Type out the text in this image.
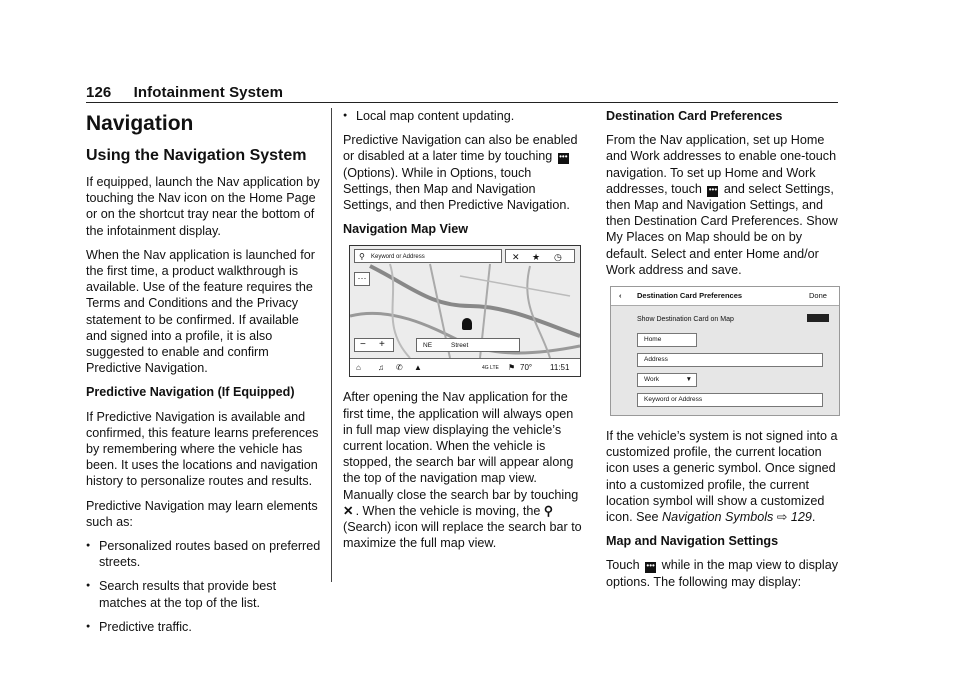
126 Infotainment System
Navigation
Using the Navigation System

If equipped, launch the Nav application by touching the Nav icon on the Home Page or on the shortcut tray near the bottom of the infotainment display.

When the Nav application is launched for the first time, a product walkthrough is available. Use of the feature requires the Terms and Conditions and the Privacy statement to be confirmed. If available and signed into a profile, it is also suggested to enable and confirm Predictive Navigation.

Predictive Navigation (If Equipped)

If Predictive Navigation is available and confirmed, this feature learns preferences by remembering where the vehicle has been. It uses the locations and navigation history to personalize routes and results.

Predictive Navigation may learn elements such as:

● Personalized routes based on preferred streets.

● Search results that provide best matches at the top of the list.

● Predictive traffic.

● Local map content updating.

Predictive Navigation can also be enabled or disabled at a later time by touching ••• (Options). While in Options, touch Settings, then Map and Navigation Settings, and then Predictive Navigation.

Navigation Map View

⚲ Keyword or Address	✕ ★ ◷
···
− +	NE	Street
⌂ ♫ ✆ ▲	4G LTE ⚑ 70° 11:51

After opening the Nav application for the first time, the application will always open in full map view displaying the vehicle’s current location. When the vehicle is stopped, the search bar will appear along the top of the navigation map view. Manually close the search bar by touching ✕ . When the vehicle is moving, the ⚲ (Search) icon will replace the search bar to maximize the full map view.

Destination Card Preferences

From the Nav application, set up Home and Work addresses to enable one-touch navigation. To set up Home and Work addresses, touch ••• and select Settings, then Map and Navigation Settings, and then Destination Card Preferences. Show My Places on Map should be on by default. Select and enter Home and/or Work address and save.

‹ Destination Card Preferences	Done
Show Destination Card on Map
Home
Address
Work	▼
Keyword or Address

If the vehicle’s system is not signed into a customized profile, the current location icon uses a generic symbol. Once signed into a customized profile, the current location symbol will show a customized icon. See Navigation Symbols ⇨ 129.

Map and Navigation Settings

Touch ••• while in the map view to display options. The following may display:
